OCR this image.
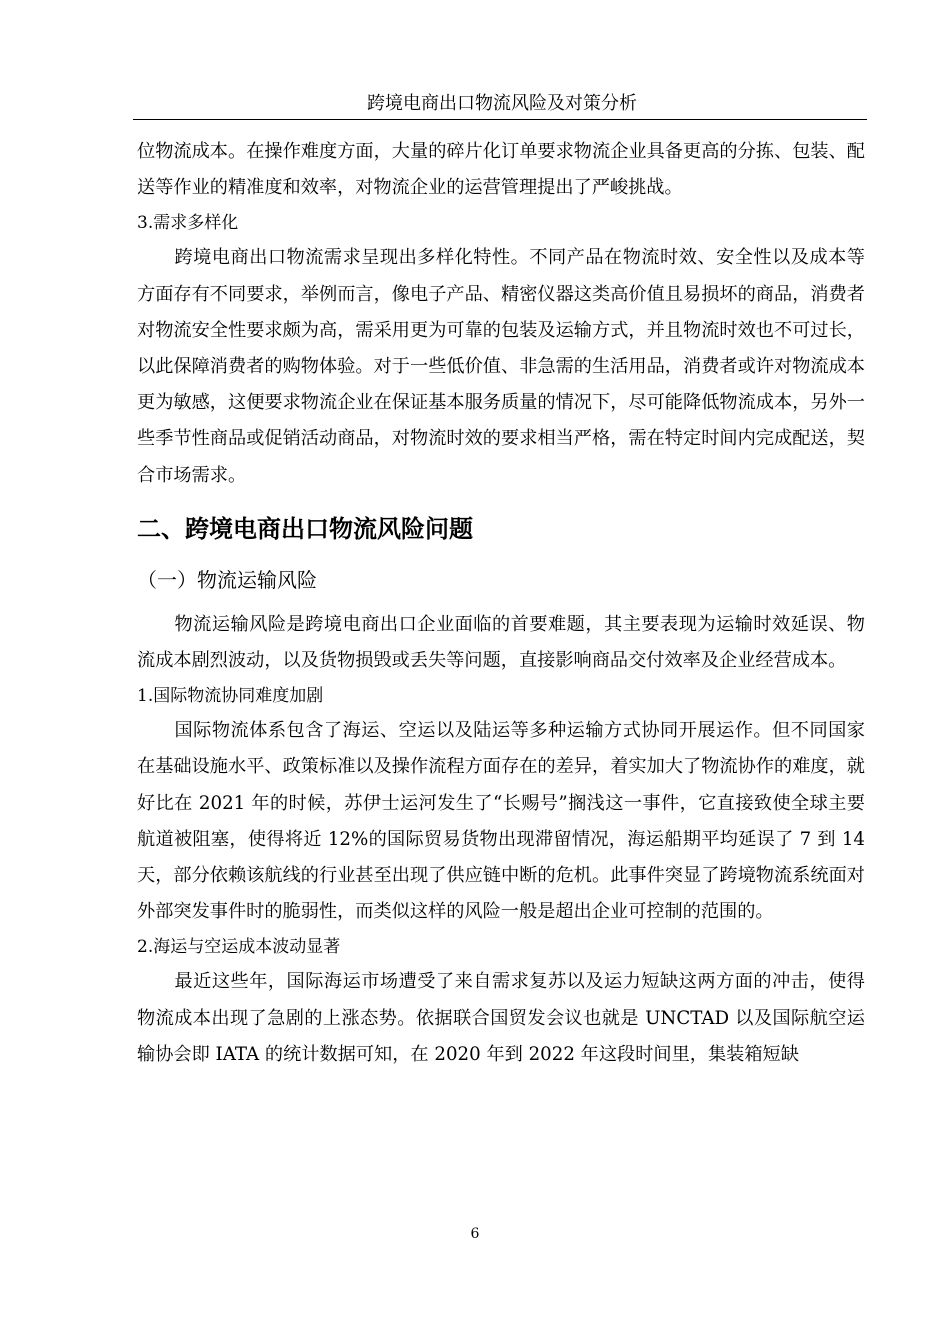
跨境电商出口物流风险及对策分析

位物流成本。在操作难度方面，大量的碎片化订单要求物流企业具备更高的分拣、包装、配送等作业的精准度和效率，对物流企业的运营管理提出了严峻挑战。

3.需求多样化

跨境电商出口物流需求呈现出多样化特性。不同产品在物流时效、安全性以及成本等方面存有不同要求，举例而言，像电子产品、精密仪器这类高价值且易损坏的商品，消费者对物流安全性要求颇为高，需采用更为可靠的包装及运输方式，并且物流时效也不可过长，以此保障消费者的购物体验。对于一些低价值、非急需的生活用品，消费者或许对物流成本更为敏感，这便要求物流企业在保证基本服务质量的情况下，尽可能降低物流成本，另外一些季节性商品或促销活动商品，对物流时效的要求相当严格，需在特定时间内完成配送，契合市场需求。

二、跨境电商出口物流风险问题
（一）物流运输风险

物流运输风险是跨境电商出口企业面临的首要难题，其主要表现为运输时效延误、物流成本剧烈波动，以及货物损毁或丢失等问题，直接影响商品交付效率及企业经营成本。

1.国际物流协同难度加剧

国际物流体系包含了海运、空运以及陆运等多种运输方式协同开展运作。但不同国家在基础设施水平、政策标准以及操作流程方面存在的差异，着实加大了物流协作的难度，就好比在 2021 年的时候，苏伊士运河发生了“长赐号”搁浅这一事件，它直接致使全球主要航道被阻塞，使得将近 12%的国际贸易货物出现滞留情况，海运船期平均延误了 7 到 14 天，部分依赖该航线的行业甚至出现了供应链中断的危机。此事件突显了跨境物流系统面对外部突发事件时的脆弱性，而类似这样的风险一般是超出企业可控制的范围的。

2.海运与空运成本波动显著

最近这些年，国际海运市场遭受了来自需求复苏以及运力短缺这两方面的冲击，使得物流成本出现了急剧的上涨态势。依据联合国贸发会议也就是 UNCTAD 以及国际航空运输协会即 IATA 的统计数据可知，在 2020 年到 2022 年这段时间里，集装箱短缺

6
